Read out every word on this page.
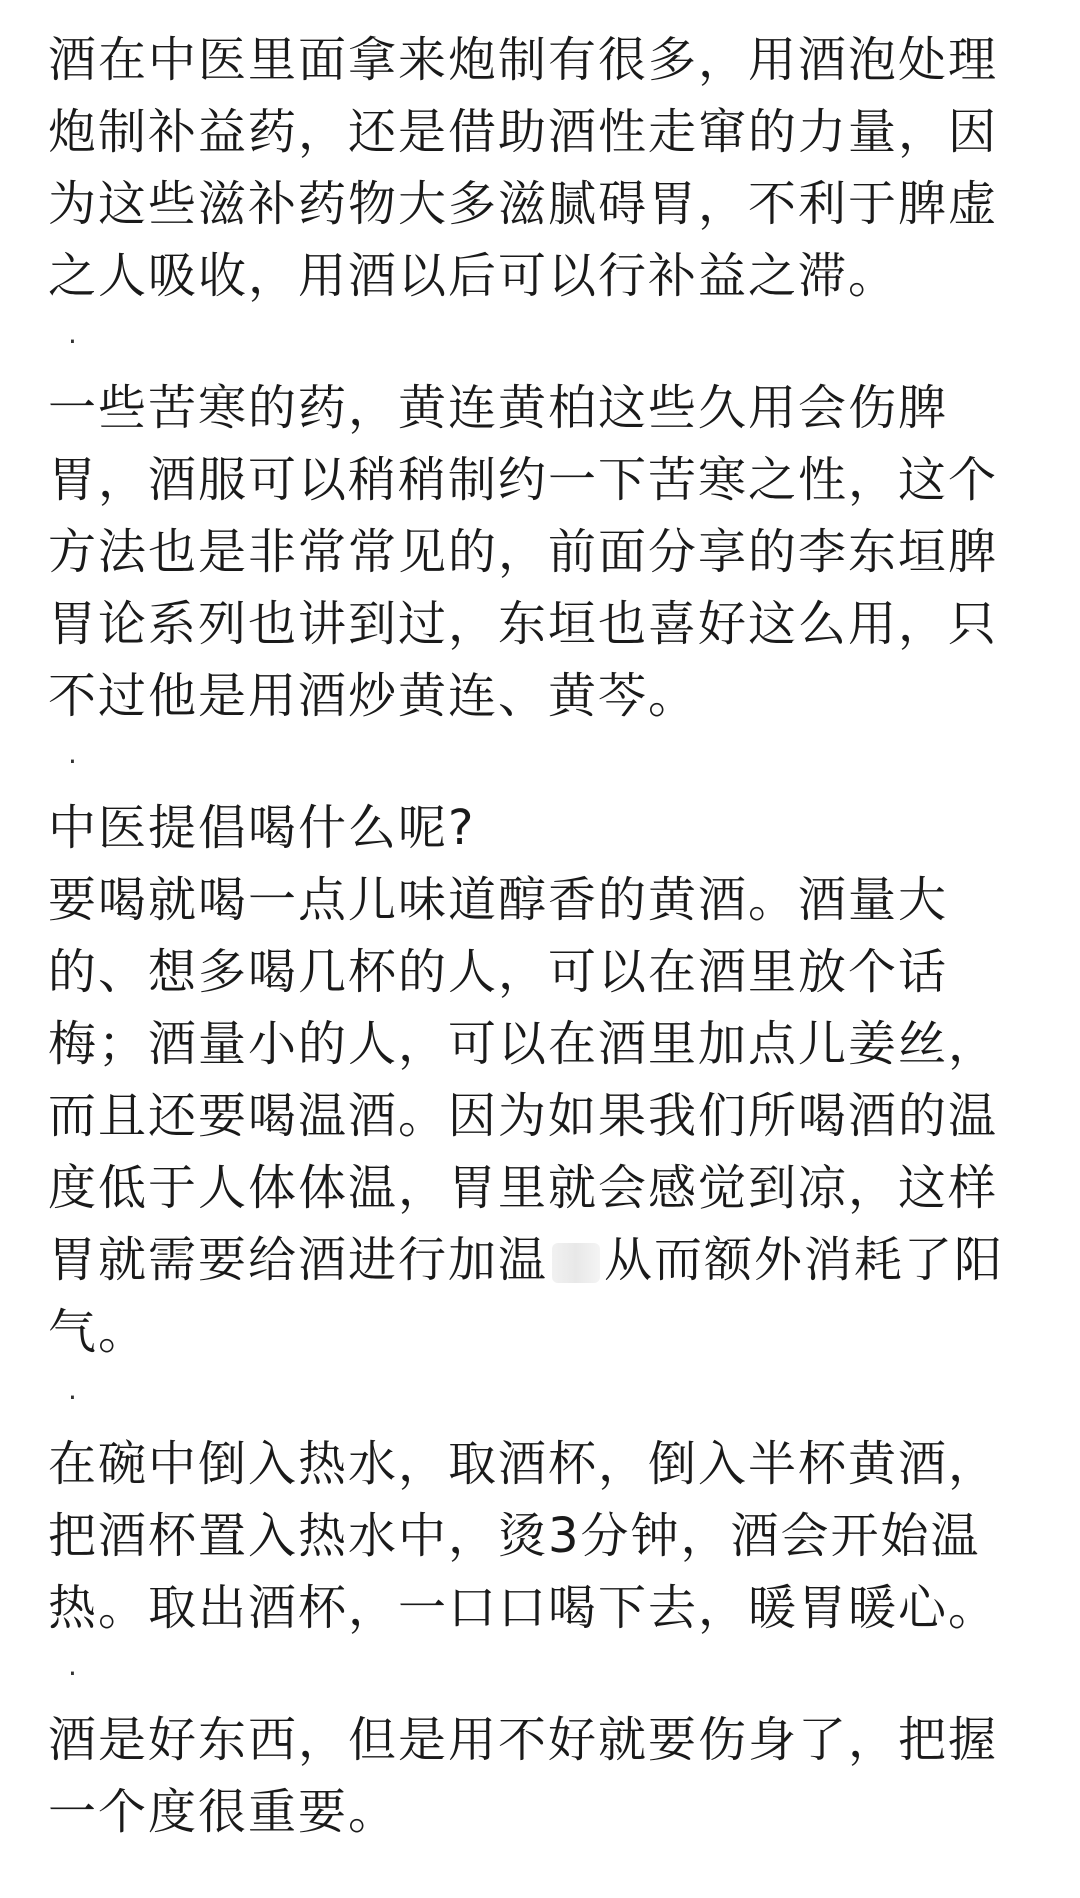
酒在中医里面拿来炮制有很多，用酒泡处理
炮制补益药，还是借助酒性走窜的力量，因
为这些滋补药物大多滋腻碍胃，不利于脾虚
之人吸收，用酒以后可以行补益之滞。
·
一些苦寒的药，黄连黄柏这些久用会伤脾
胃，酒服可以稍稍制约一下苦寒之性，这个
方法也是非常常见的，前面分享的李东垣脾
胃论系列也讲到过，东垣也喜好这么用，只
不过他是用酒炒黄连、黄芩。
·
中医提倡喝什么呢?
要喝就喝一点儿味道醇香的黄酒。酒量大
的、想多喝几杯的人，可以在酒里放个话
梅；酒量小的人，可以在酒里加点儿姜丝，
而且还要喝温酒。因为如果我们所喝酒的温
度低于人体体温，胃里就会感觉到凉，这样
胃就需要给酒进行加温 从而额外消耗了阳
气。
·
在碗中倒入热水，取酒杯，倒入半杯黄酒，
把酒杯置入热水中，烫3分钟，酒会开始温
热。取出酒杯，一口口喝下去，暖胃暖心。
·
酒是好东西，但是用不好就要伤身了，把握
一个度很重要。
